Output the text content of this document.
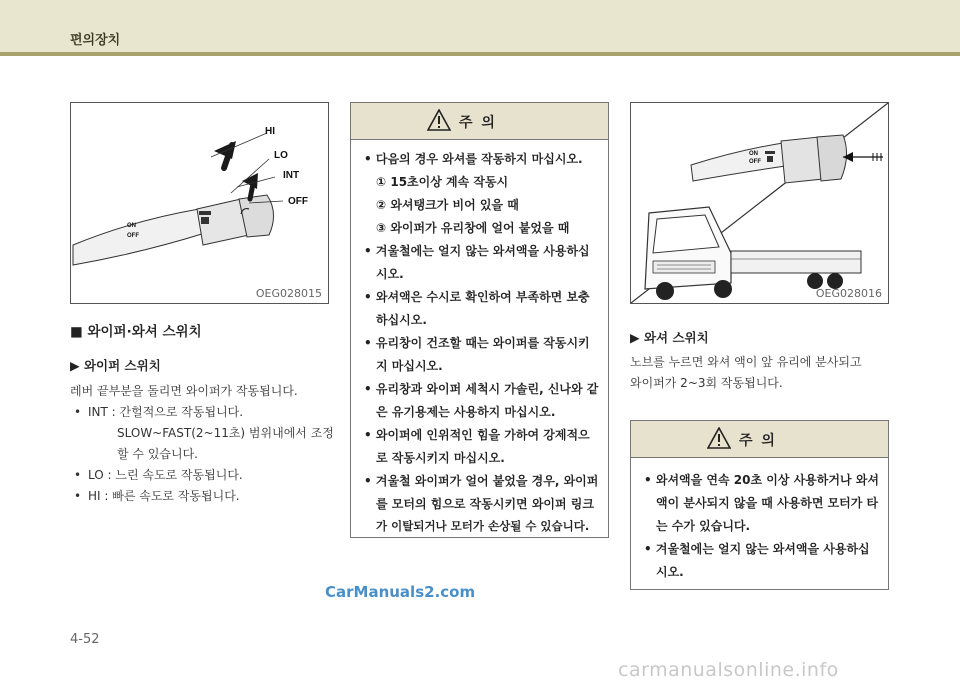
편의장치
HI
LO
INT
OFF
ON
OFF
OEG028015
■ 와이퍼·와셔 스위치
▶ 와이퍼 스위치
레버 끝부분을 돌리면 와이퍼가 작동됩니다.
• INT : 간헐적으로 작동됩니다.
SLOW~FAST(2~11초) 범위내에서 조정
할 수 있습니다.
• LO : 느린 속도로 작동됩니다.
• HI : 빠른 속도로 작동됩니다.
주 의
• 다음의 경우 와셔를 작동하지 마십시오.
① 15초이상 계속 작동시
② 와셔탱크가 비어 있을 때
③ 와이퍼가 유리창에 얼어 붙었을 때
• 겨울철에는 얼지 않는 와셔액을 사용하십
시오.
• 와셔액은 수시로 확인하여 부족하면 보충
하십시오.
• 유리창이 건조할 때는 와이퍼를 작동시키
지 마십시오.
• 유리창과 와이퍼 세척시 가솔린, 신나와 같
은 유기용제는 사용하지 마십시오.
• 와이퍼에 인위적인 힘을 가하여 강제적으
로 작동시키지 마십시오.
• 겨울철 와이퍼가 얼어 붙었을 경우, 와이퍼
를 모터의 힘으로 작동시키면 와이퍼 링크
가 이탈되거나 모터가 손상될 수 있습니다.
ON
OFF
OEG028016
▶ 와셔 스위치
노브를 누르면 와셔 액이 앞 유리에 분사되고
와이퍼가 2~3회 작동됩니다.
주 의
• 와셔액을 연속 20초 이상 사용하거나 와셔
액이 분사되지 않을 때 사용하면 모터가 타
는 수가 있습니다.
• 겨울철에는 얼지 않는 와셔액을 사용하십
시오.
4-52
CarManuals2.com
carmanualsonline.info
